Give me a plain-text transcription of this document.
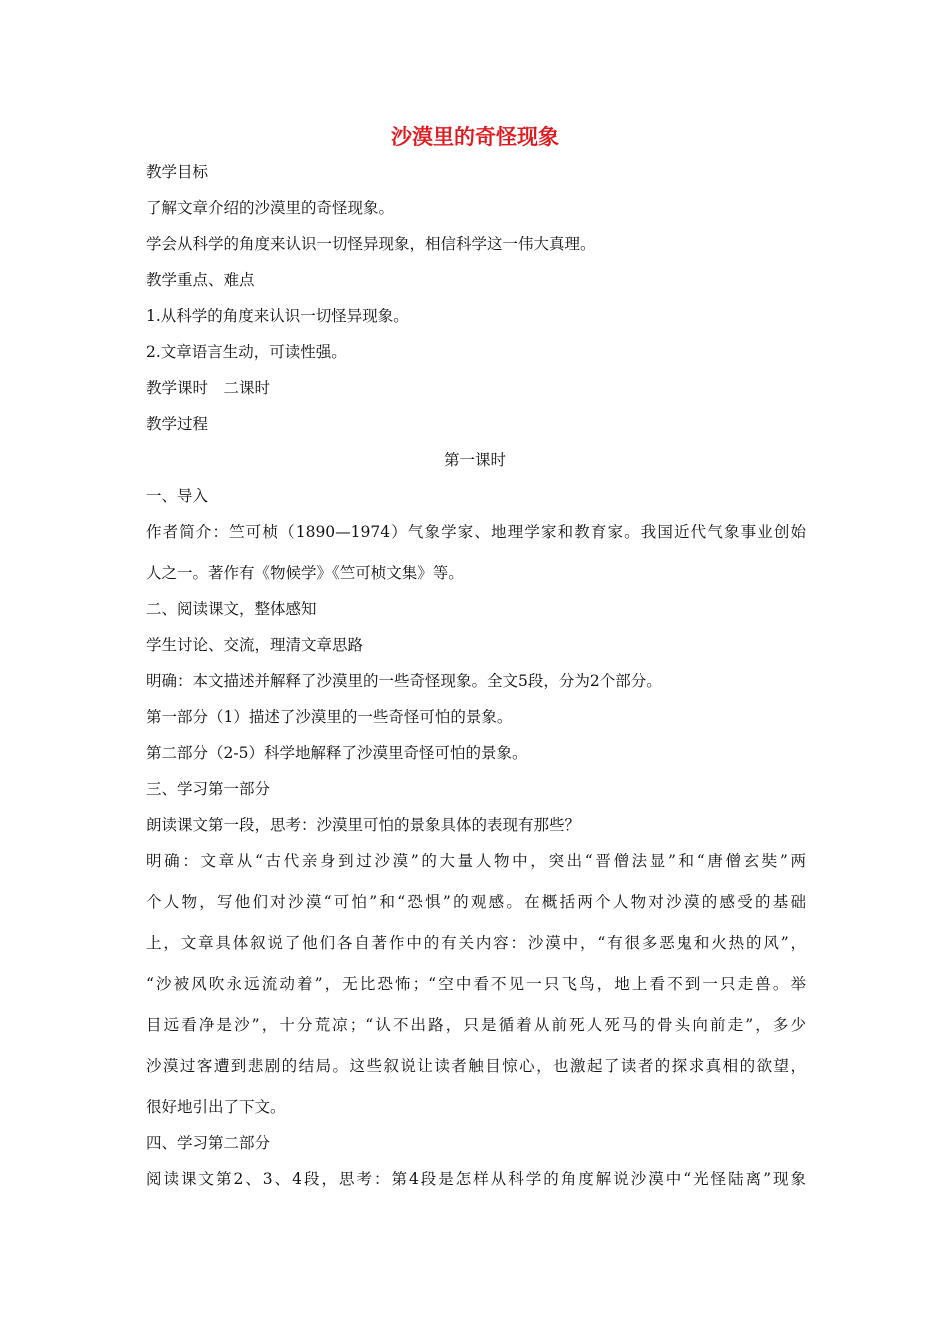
沙漠里的奇怪现象
教学目标
了解文章介绍的沙漠里的奇怪现象。
学会从科学的角度来认识一切怪异现象，相信科学这一伟大真理。
教学重点、难点
1.从科学的角度来认识一切怪异现象。
2.文章语言生动，可读性强。
教学课时　二课时
教学过程
第一课时
一、导入
作者简介：竺可桢（1890—1974）气象学家、地理学家和教育家。我国近代气象事业创始
人之一。著作有《物候学》《竺可桢文集》等。
二、阅读课文，整体感知
学生讨论、交流，理清文章思路
明确：本文描述并解释了沙漠里的一些奇怪现象。全文5段，分为2个部分。
第一部分（1）描述了沙漠里的一些奇怪可怕的景象。
第二部分（2-5）科学地解释了沙漠里奇怪可怕的景象。
三、学习第一部分
朗读课文第一段，思考：沙漠里可怕的景象具体的表现有那些？
明确：文章从“古代亲身到过沙漠”的大量人物中，突出“晋僧法显”和“唐僧玄奘”两
个人物，写他们对沙漠“可怕”和“恐惧”的观感。在概括两个人物对沙漠的感受的基础
上，文章具体叙说了他们各自著作中的有关内容：沙漠中，“有很多恶鬼和火热的风”，
“沙被风吹永远流动着”，无比恐怖；“空中看不见一只飞鸟，地上看不到一只走兽。举
目远看净是沙”，十分荒凉；“认不出路，只是循着从前死人死马的骨头向前走”，多少
沙漠过客遭到悲剧的结局。这些叙说让读者触目惊心，也激起了读者的探求真相的欲望，
很好地引出了下文。
四、学习第二部分
阅读课文第2、3、4段，思考：第4段是怎样从科学的角度解说沙漠中“光怪陆离”现象
